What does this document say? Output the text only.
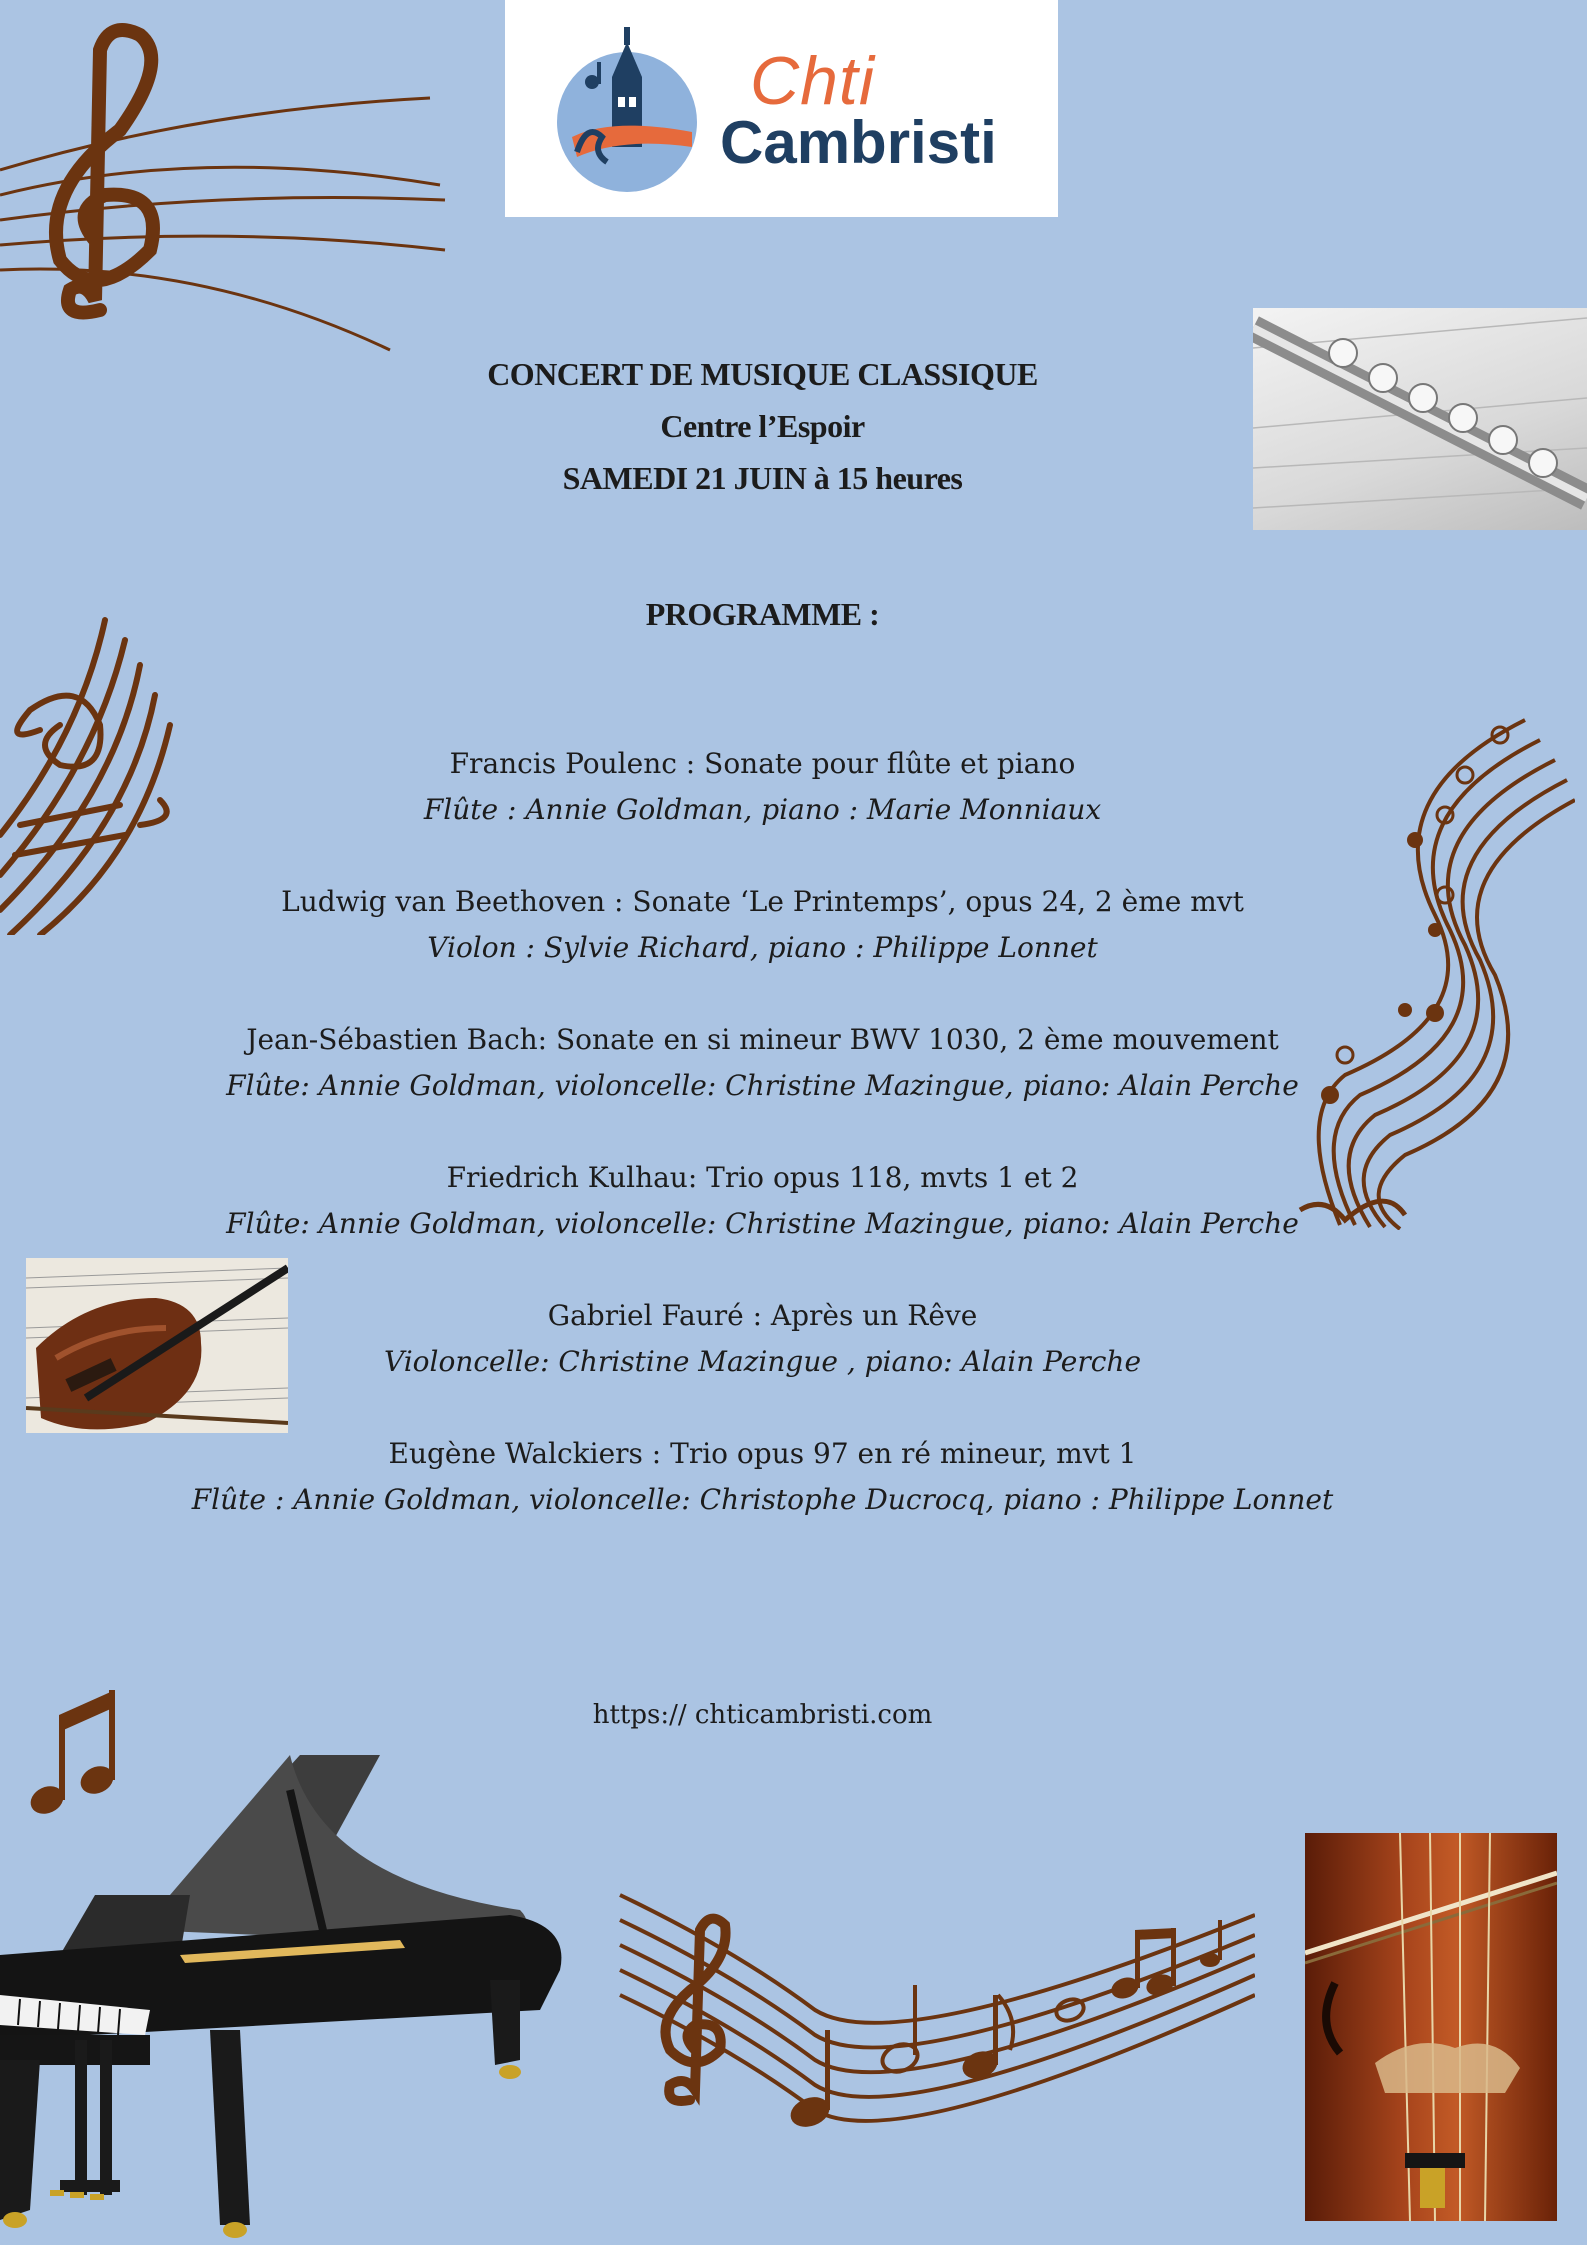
Chti
Cambristi
CONCERT DE MUSIQUE CLASSIQUE
Centre l’Espoir
SAMEDI 21 JUIN à 15 heures
PROGRAMME :
Francis Poulenc : Sonate pour flûte et piano
Flûte : Annie Goldman, piano : Marie Monniaux
Ludwig van Beethoven : Sonate ‘Le Printemps’, opus 24, 2 ème mvt
Violon : Sylvie Richard, piano : Philippe Lonnet
Jean-Sébastien Bach: Sonate en si mineur BWV 1030, 2 ème mouvement
Flûte: Annie Goldman, violoncelle: Christine Mazingue, piano: Alain Perche
Friedrich Kulhau: Trio opus 118, mvts 1 et 2
Flûte: Annie Goldman, violoncelle: Christine Mazingue, piano: Alain Perche
Gabriel Fauré : Après un Rêve
Violoncelle: Christine Mazingue , piano: Alain Perche
Eugène Walckiers : Trio opus 97 en ré mineur, mvt 1
Flûte : Annie Goldman, violoncelle: Christophe Ducrocq, piano : Philippe Lonnet
https:// chticambristi.com
